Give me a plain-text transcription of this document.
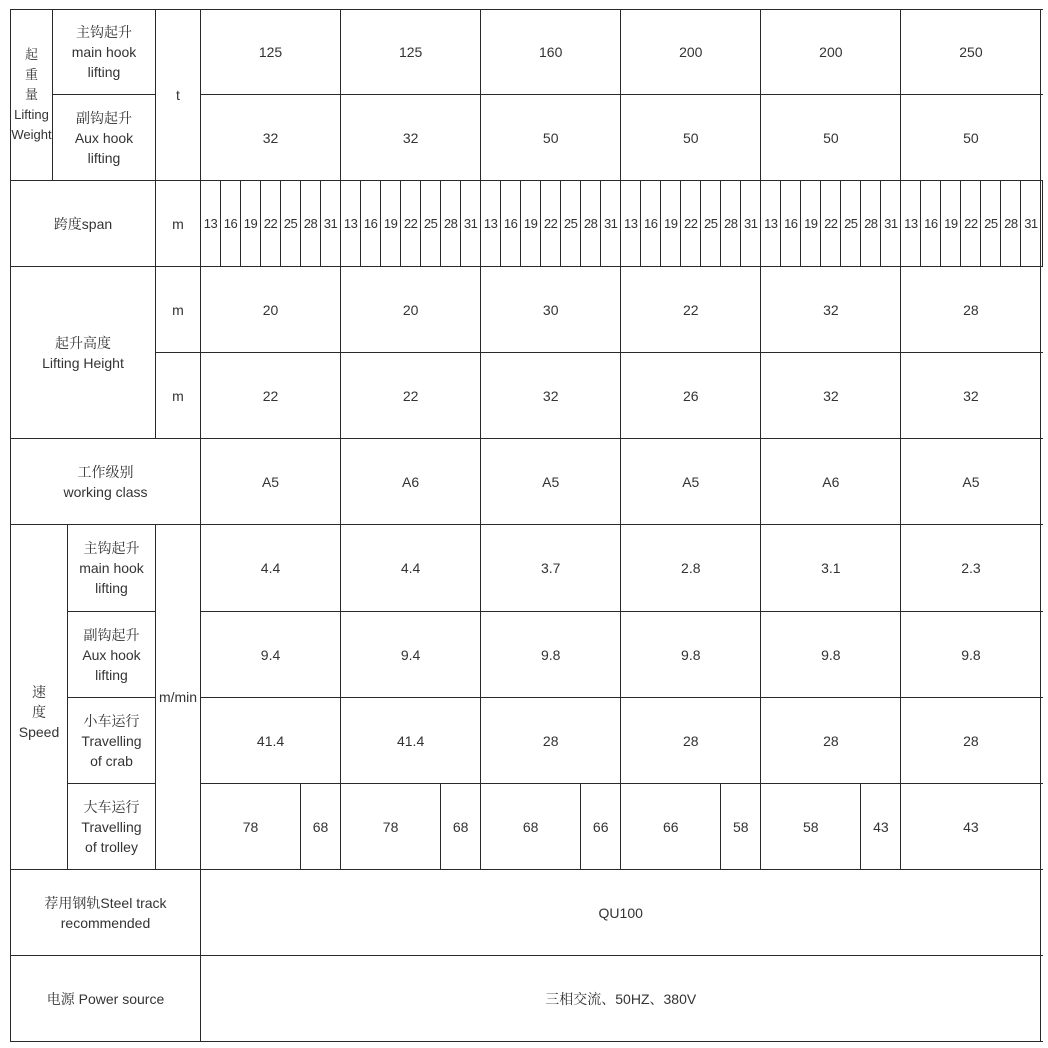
起
重
量
Lifting
Weight	主钩起升
main hook
lifting		t	125							125							160							200							200							250							

	副钩起升
Aux hook
lifting			32							32							50							50							50							50							
跨度span			m	13	16	19	22	25	28	31	13	16	19	22	25	28	31	13	16	19	22	25	28	31	13	16	19	22	25	28	31	13	16	19	22	25	28	31	13	16	19	22	25	28	31	

起升高度
Lifting Height			m	20							20							30							22							32							28							
			m	22							22							32							26							32							32							

工作级别
working class				A5							A6							A5							A5							A6							A5							

速
度
Speed		主钩起升
main hook
lifting	m/min	4.4							4.4							3.7							2.8							3.1							2.3							

		副钩起升
Aux hook
lifting		9.4							9.4							9.8							9.8							9.8							9.8							

		小车运行
Travelling
of crab		41.4							41.4							28							28							28							28							

		大车运行
Travelling
of trolley		78					68		78					68		68					66		66					58		58					43		43							

荐用钢轨Steel track
recommended				QU100																																										
电源 Power source				三相交流、50HZ、380V																																										
